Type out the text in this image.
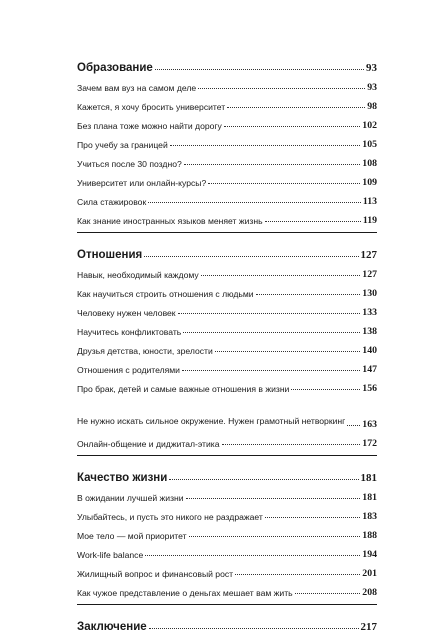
Образование	93
Зачем вам вуз на самом деле	93
Кажется, я хочу бросить университет	98
Без плана тоже можно найти дорогу	102
Про учебу за границей	105
Учиться после 30 поздно?	108
Университет или онлайн-курсы?	109
Сила стажировок	113
Как знание иностранных языков меняет жизнь	119
Отношения	127
Навык, необходимый каждому	127
Как научиться строить отношения с людьми	130
Человеку нужен человек	133
Научитесь конфликтовать	138
Друзья детства, юности, зрелости	140
Отношения с родителями	147
Про брак, детей и самые важные отношения в жизни	156
Не нужно искать сильное окружение. Нужен грамотный нетворкинг 163
Онлайн-общение и диджитал-этика	172
Качество жизни	181
В ожидании лучшей жизни	181
Улыбайтесь, и пусть это никого не раздражает	183
Мое тело — мой приоритет	188
Work-life balance	194
Жилищный вопрос и финансовый рост	201
Как чужое представление о деньгах мешает вам жить	208
Заключение	217
